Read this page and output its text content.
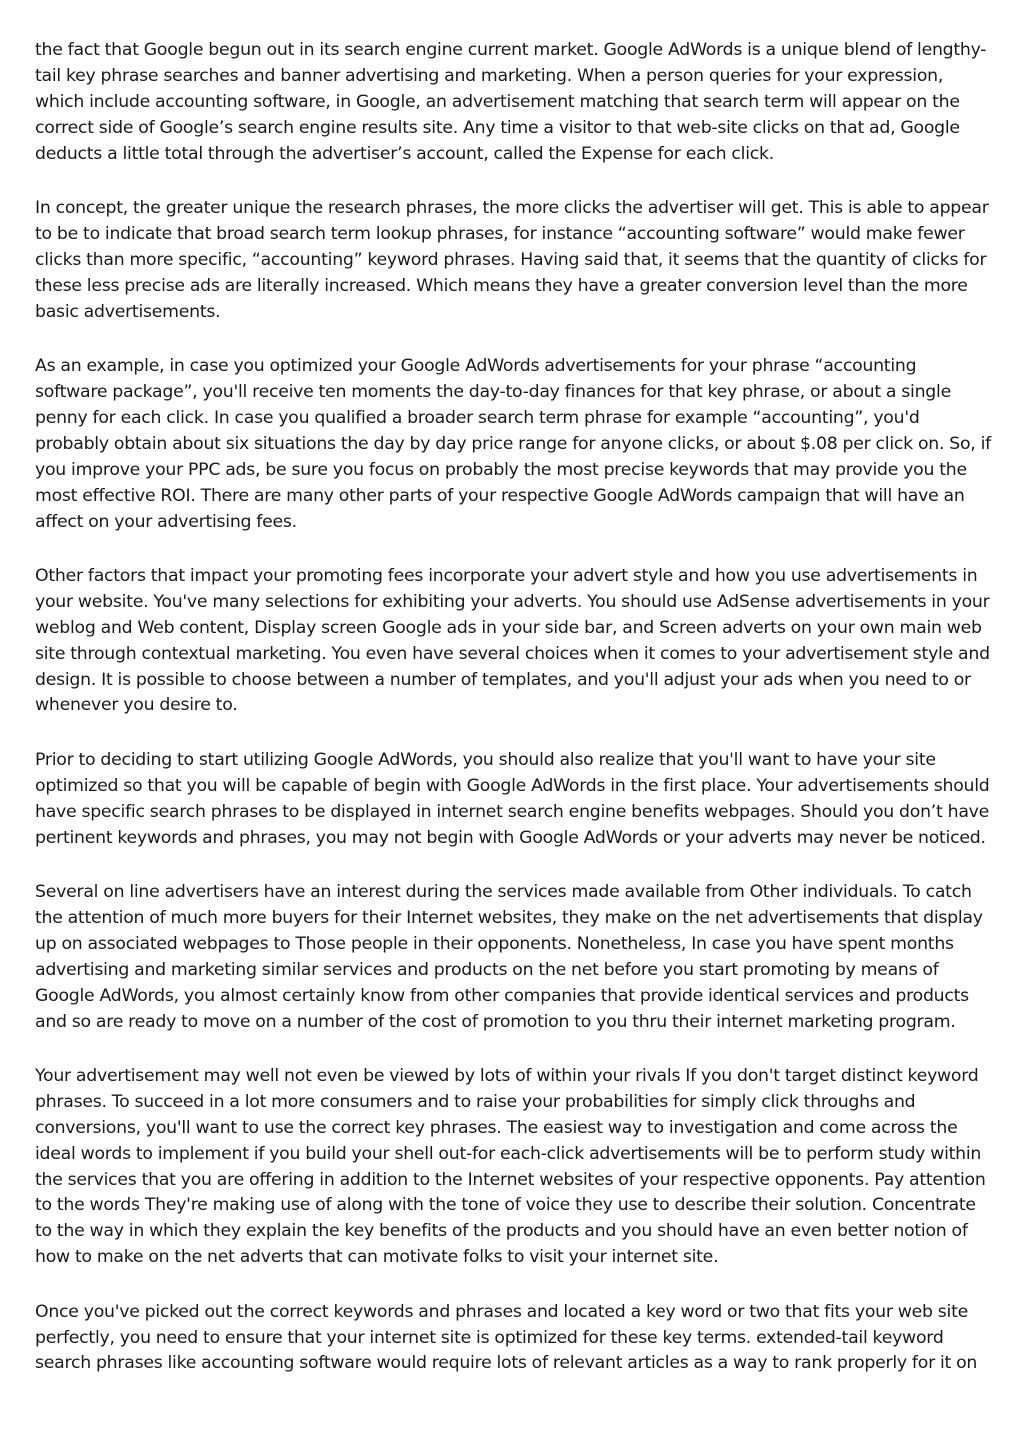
the fact that Google begun out in its search engine current market. Google AdWords is a unique blend of lengthy-tail key phrase searches and banner advertising and marketing. When a person queries for your expression, which include accounting software, in Google, an advertisement matching that search term will appear on the correct side of Google’s search engine results site. Any time a visitor to that web-site clicks on that ad, Google deducts a little total through the advertiser’s account, called the Expense for each click.

In concept, the greater unique the research phrases, the more clicks the advertiser will get. This is able to appear to be to indicate that broad search term lookup phrases, for instance “accounting software” would make fewer clicks than more specific, “accounting” keyword phrases. Having said that, it seems that the quantity of clicks for these less precise ads are literally increased. Which means they have a greater conversion level than the more basic advertisements.

As an example, in case you optimized your Google AdWords advertisements for your phrase “accounting software package”, you'll receive ten moments the day-to-day finances for that key phrase, or about a single penny for each click. In case you qualified a broader search term phrase for example “accounting”, you'd probably obtain about six situations the day by day price range for anyone clicks, or about $.08 per click on. So, if you improve your PPC ads, be sure you focus on probably the most precise keywords that may provide you the most effective ROI. There are many other parts of your respective Google AdWords campaign that will have an affect on your advertising fees.

Other factors that impact your promoting fees incorporate your advert style and how you use advertisements in your website. You've many selections for exhibiting your adverts. You should use AdSense advertisements in your weblog and Web content, Display screen Google ads in your side bar, and Screen adverts on your own main web site through contextual marketing. You even have several choices when it comes to your advertisement style and design. It is possible to choose between a number of templates, and you'll adjust your ads when you need to or whenever you desire to.

Prior to deciding to start utilizing Google AdWords, you should also realize that you'll want to have your site optimized so that you will be capable of begin with Google AdWords in the first place. Your advertisements should have specific search phrases to be displayed in internet search engine benefits webpages. Should you don’t have pertinent keywords and phrases, you may not begin with Google AdWords or your adverts may never be noticed.

Several on line advertisers have an interest during the services made available from Other individuals. To catch the attention of much more buyers for their Internet websites, they make on the net advertisements that display up on associated webpages to Those people in their opponents. Nonetheless, In case you have spent months advertising and marketing similar services and products on the net before you start promoting by means of Google AdWords, you almost certainly know from other companies that provide identical services and products and so are ready to move on a number of the cost of promotion to you thru their internet marketing program.

Your advertisement may well not even be viewed by lots of within your rivals If you don't target distinct keyword phrases. To succeed in a lot more consumers and to raise your probabilities for simply click throughs and conversions, you'll want to use the correct key phrases. The easiest way to investigation and come across the ideal words to implement if you build your shell out-for each-click advertisements will be to perform study within the services that you are offering in addition to the Internet websites of your respective opponents. Pay attention to the words They're making use of along with the tone of voice they use to describe their solution. Concentrate to the way in which they explain the key benefits of the products and you should have an even better notion of how to make on the net adverts that can motivate folks to visit your internet site.

Once you've picked out the correct keywords and phrases and located a key word or two that fits your web site perfectly, you need to ensure that your internet site is optimized for these key terms. extended-tail keyword search phrases like accounting software would require lots of relevant articles as a way to rank properly for it on
